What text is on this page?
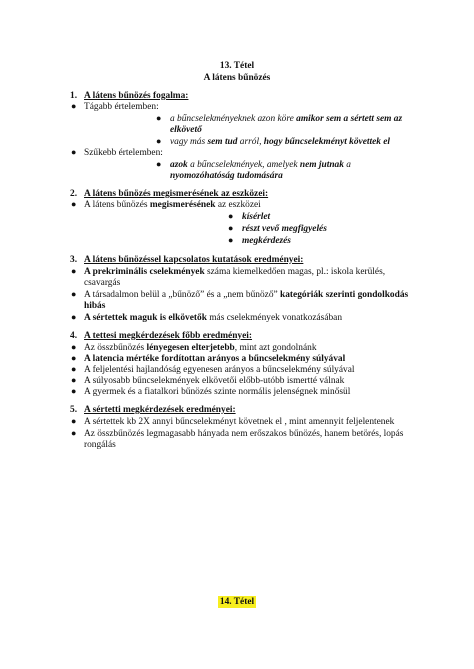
13. Tétel
A látens bűnözés
1. A látens bűnözés fogalma:
● Tágabb értelemben:
● a bűncselekményeknek azon köre amikor sem a sértett sem az
elkövető
● vagy más sem tud arról, hogy bűncselekményt követtek el
● Szűkebb értelemben:
● azok a bűncselekmények, amelyek nem jutnak a
nyomozóhatóság tudomására
2. A látens bűnözés megismerésének az eszközei:
● A látens bűnözés megismerésének az eszközei
● kísérlet
● részt vevő megfigyelés
● megkérdezés
3. A látens bűnözéssel kapcsolatos kutatások eredményei:
● A prekriminális cselekmények száma kiemelkedően magas, pl.: iskola kerülés,
csavargás
● A társadalmon belül a „bűnöző” és a „nem bűnöző” kategóriák szerinti gondolkodás
hibás
● A sértettek maguk is elkövetők más cselekmények vonatkozásában
4. A tettesi megkérdezések főbb eredményei:
● Az összbűnözés lényegesen elterjetebb, mint azt gondolnánk
● A latencia mértéke fordítottan arányos a bűncselekmény súlyával
● A feljelentési hajlandóság egyenesen arányos a bűncselekmény súlyával
● A súlyosabb bűncselekmények elkövetői előbb-utóbb ismertté válnak
● A gyermek és a fiatalkori bűnözés szinte normális jelenségnek minősül
5. A sértetti megkérdezések eredményei:
● A sértettek kb 2X annyi bűncselekményt követnek el , mint amennyit feljelentenek
● Az összbűnözés legmagasabb hányada nem erőszakos bűnözés, hanem betörés, lopás
rongálás
14. Tétel
